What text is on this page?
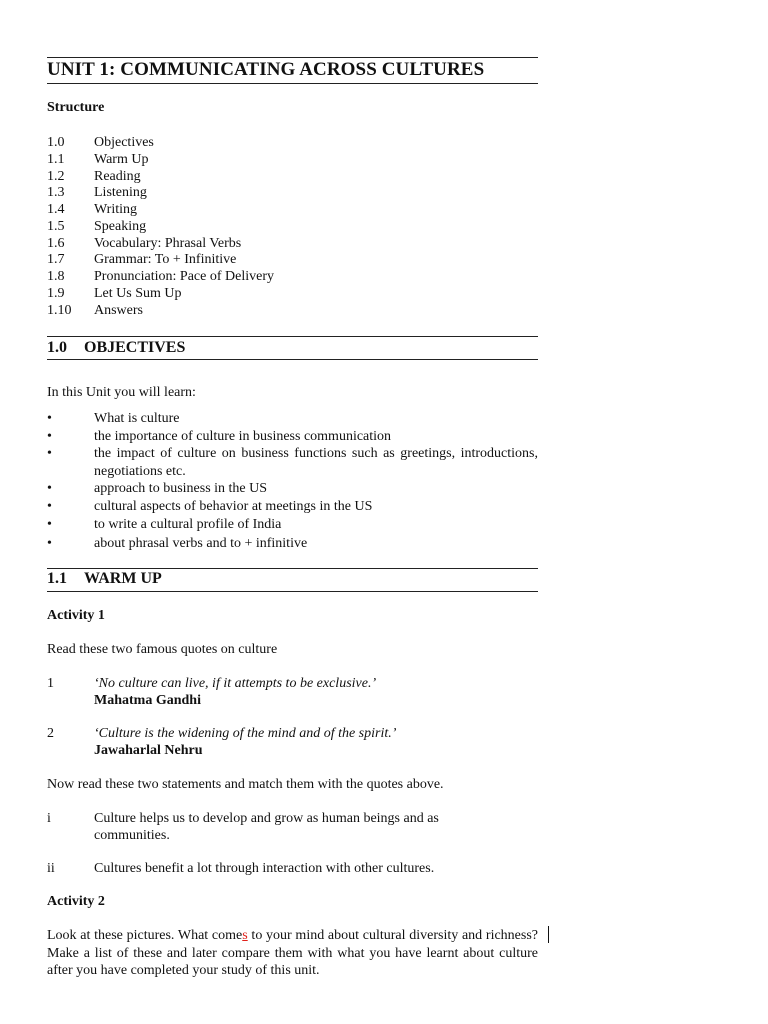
UNIT 1: COMMUNICATING ACROSS CULTURES
Structure
1.0 Objectives
1.1 Warm Up
1.2 Reading
1.3 Listening
1.4 Writing
1.5 Speaking
1.6 Vocabulary: Phrasal Verbs
1.7 Grammar: To + Infinitive
1.8 Pronunciation: Pace of Delivery
1.9 Let Us Sum Up
1.10 Answers
1.0 OBJECTIVES
In this Unit you will learn:
•	What is culture
•	the importance of culture in business communication
•	the impact of culture on business functions such as greetings, introductions, negotiations etc.
•	approach to business in the US
•	cultural aspects of behavior at meetings in the US
•	to write a cultural profile of India
•	about phrasal verbs and to + infinitive
1.1 WARM UP
Activity 1
Read these two famous quotes on culture
1	‘No culture can live, if it attempts to be exclusive.’
Mahatma Gandhi
2	‘Culture is the widening of the mind and of the spirit.’
Jawaharlal Nehru
Now read these two statements and match them with the quotes above.
i	Culture helps us to develop and grow as human beings and as communities.
ii	Cultures benefit a lot through interaction with other cultures.
Activity 2
Look at these pictures. What comes to your mind about cultural diversity and richness? Make a list of these and later compare them with what you have learnt about culture after you have completed your study of this unit.
